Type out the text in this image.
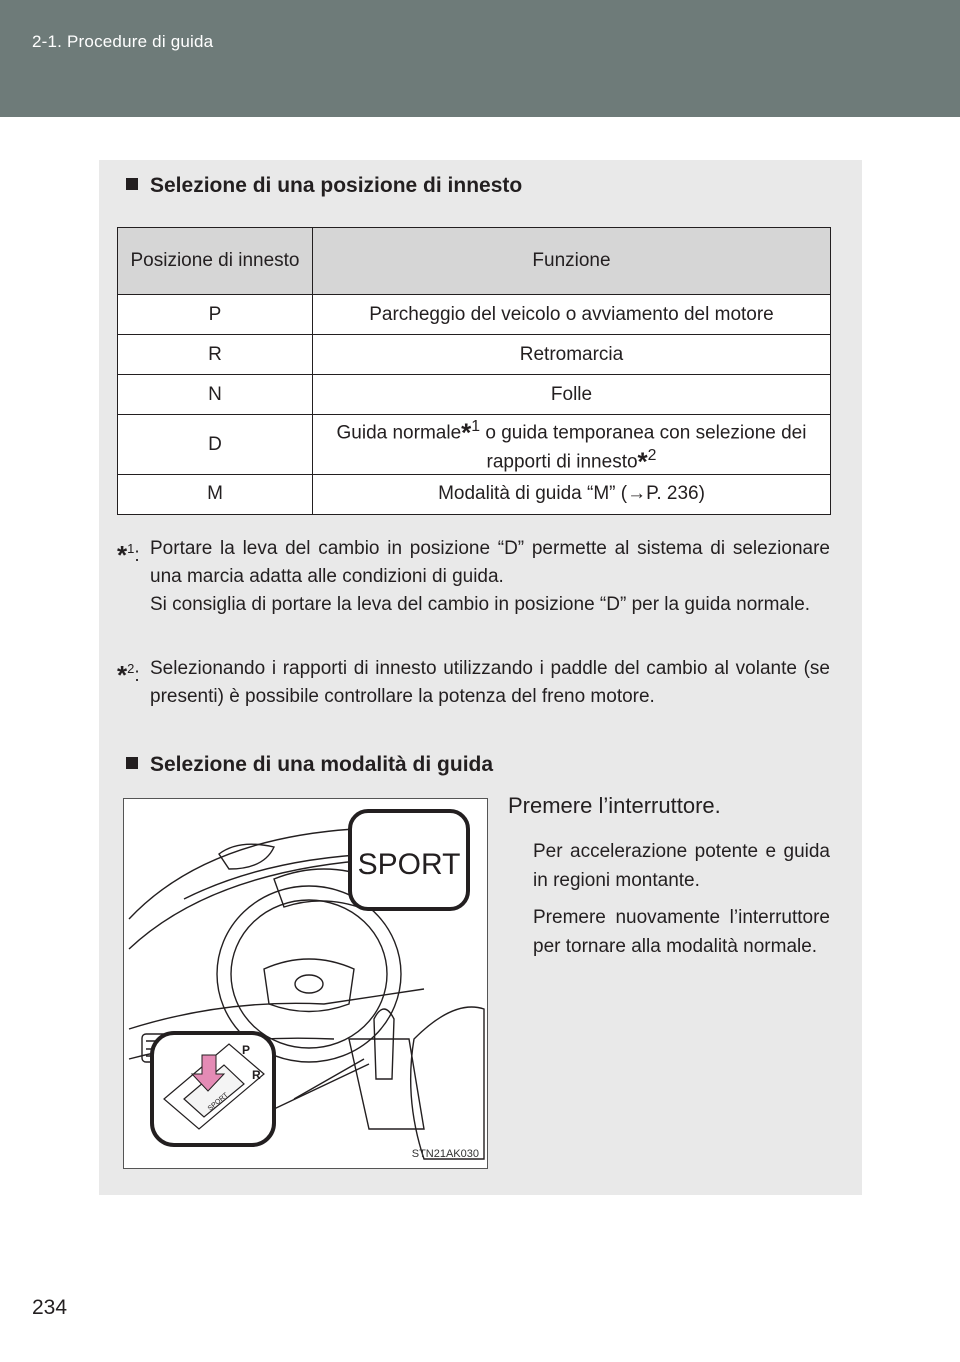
2-1. Procedure di guida
Selezione di una posizione di innesto
Posizione di innesto	Funzione
P	Parcheggio del veicolo o avviamento del motore
R	Retromarcia
N	Folle
D	Guida normale*$^1$ o guida temporanea con selezione dei rapporti di innesto*$^2$
M	Modalità di guida “M” (→P. 236)
*$^1$: Portare la leva del cambio in posizione “D” permette al sistema di selezionare una marcia adatta alle condizioni di guida.

Si consiglia di portare la leva del cambio in posizione “D” per la guida normale.

*$^2$: Selezionando i rapporti di innesto utilizzando i paddle del cambio al volante (se presenti) è possibile controllare la potenza del freno motore.

Selezione di una modalità di guida
SPORT
P
R
SPORT
STN21AK030
Premere l’interruttore.
Per accelerazione potente e guida in regioni montante.
Premere nuovamente l’interruttore per tornare alla modalità normale.
234
